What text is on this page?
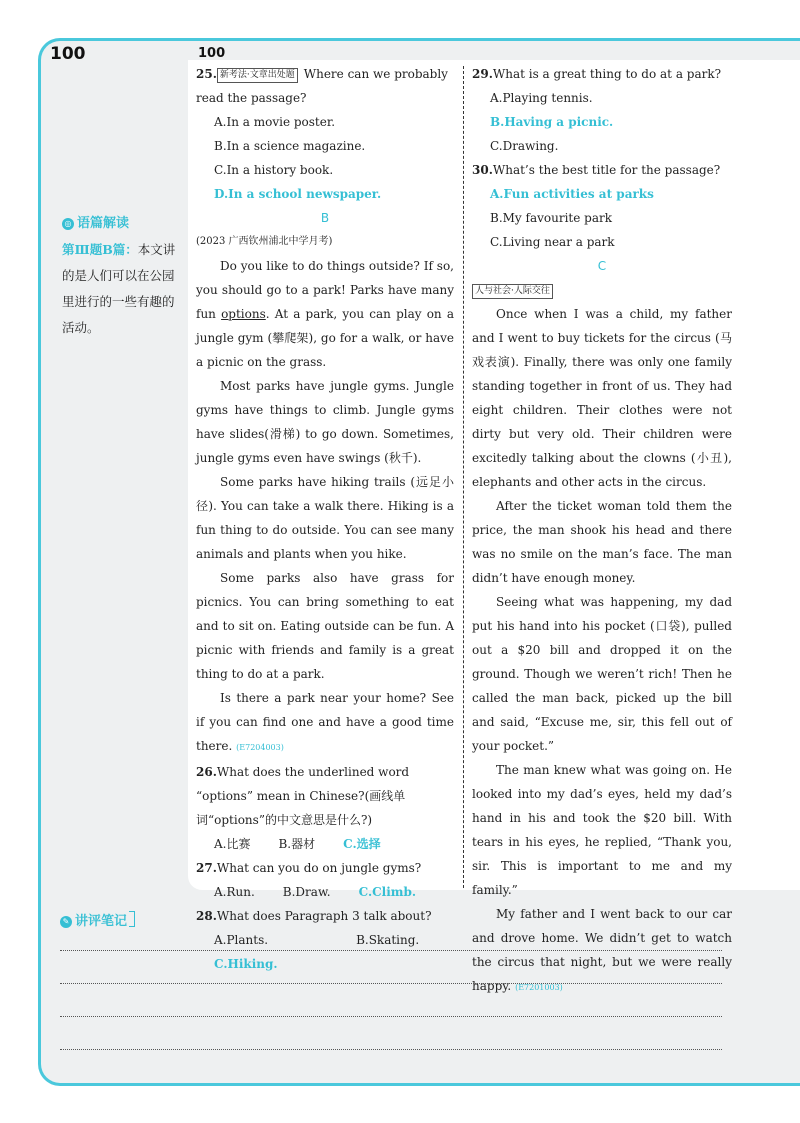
100	100
◎ 语篇解读
第Ⅲ题B篇：本文讲的是人们可以在公园里进行的一些有趣的活动。

25. 新考法·文章出处题 Where can we probably read the passage?

A.In a movie poster.

B.In a science magazine.

C.In a history book.

D.In a school newspaper.

B

(2023 广西钦州浦北中学月考)

Do you like to do things outside? If so, you should go to a park! Parks have many fun options. At a park, you can play on a jungle gym (攀爬架), go for a walk, or have a picnic on the grass.

Most parks have jungle gyms. Jungle gyms have things to climb. Jungle gyms have slides(滑梯) to go down. Sometimes, jungle gyms even have swings (秋千).

Some parks have hiking trails (远足小径). You can take a walk there. Hiking is a fun thing to do outside. You can see many animals and plants when you hike.

Some parks also have grass for picnics. You can bring something to eat and to sit on. Eating outside can be fun. A picnic with friends and family is a great thing to do at a park.

Is there a park near your home? See if you can find one and have a good time there. (E7204003)

26.What does the underlined word “options” mean in Chinese?(画线单词“options”的中文意思是什么?)

A.比赛 B.器材 C.选择

27.What can you do on jungle gyms?

A.Run. B.Draw. C.Climb.

28.What does Paragraph 3 talk about?

A.Plants.	B.Skating.

C.Hiking.

29.What is a great thing to do at a park?

A.Playing tennis.

B.Having a picnic.

C.Drawing.

30.What’s the best title for the passage?

A.Fun activities at parks

B.My favourite park

C.Living near a park

C

人与社会·人际交往

Once when I was a child, my father and I went to buy tickets for the circus (马戏表演). Finally, there was only one family standing together in front of us. They had eight children. Their clothes were not dirty but very old. Their children were excitedly talking about the clowns (小丑), elephants and other acts in the circus.

After the ticket woman told them the price, the man shook his head and there was no smile on the man’s face. The man didn’t have enough money.

Seeing what was happening, my dad put his hand into his pocket (口袋), pulled out a $20 bill and dropped it on the ground. Though we weren’t rich! Then he called the man back, picked up the bill and said, “Excuse me, sir, this fell out of your pocket.”

The man knew what was going on. He looked into my dad’s eyes, held my dad’s hand in his and took the $20 bill. With tears in his eyes, he replied, “Thank you, sir. This is important to me and my family.”

My father and I went back to our car and drove home. We didn’t get to watch the circus that night, but we were really happy. (E7201003)

✎ 讲评笔记
